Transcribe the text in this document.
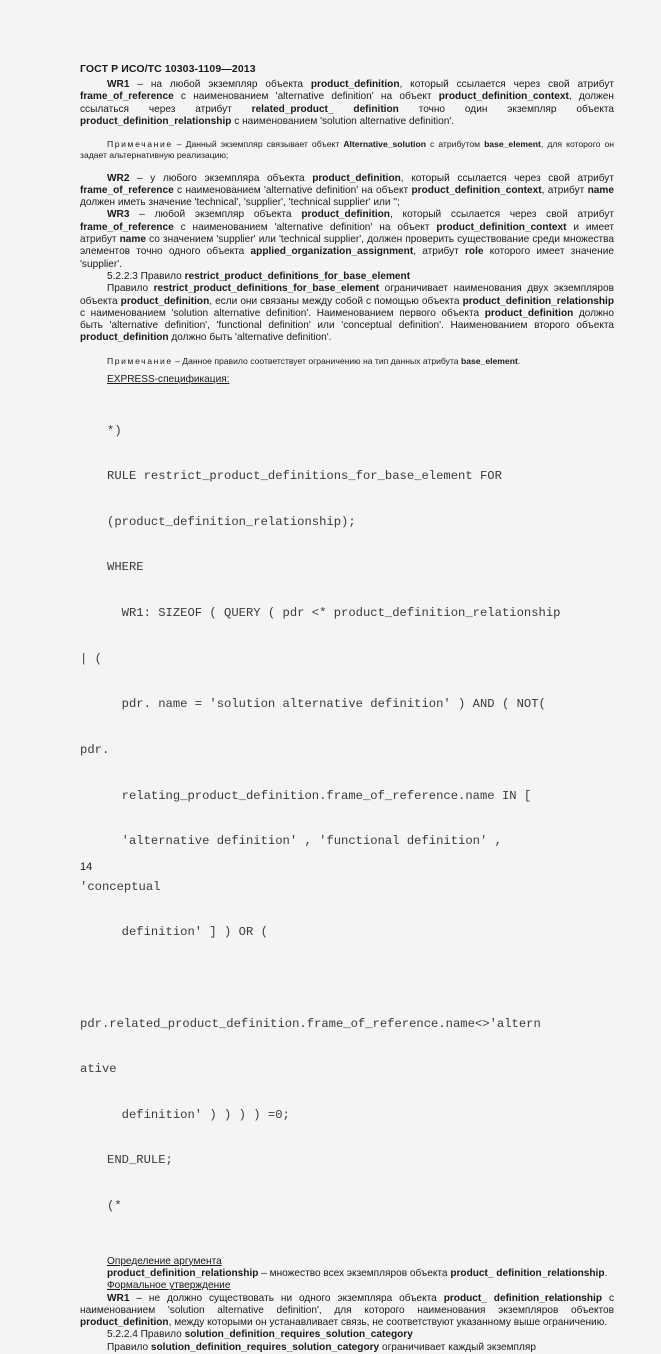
ГОСТ Р ИСО/ТС 10303-1109—2013

WR1 – на любой экземпляр объекта product_definition, который ссылается через свой атрибут frame_of_reference с наименованием 'alternative definition' на объект product_definition_context, должен ссылаться через атрибут related_product_ definition точно один экземпляр объекта product_definition_relationship с наименованием 'solution alternative definition'.

Примечание – Данный экземпляр связывает объект Alternative_solution с атрибутом base_element, для которого он задает альтернативную реализацию;

WR2 – у любого экземпляра объекта product_definition, который ссылается через свой атрибут frame_of_reference с наименованием 'alternative definition' на объект product_definition_context, атрибут name должен иметь значение 'technical', 'supplier', 'technical supplier' или '';

WR3 – любой экземпляр объекта product_definition, который ссылается через свой атрибут frame_of_reference с наименованием 'alternative definition' на объект product_definition_context и имеет атрибут name со значением 'supplier' или 'technical supplier', должен проверить существование среди множества элементов точно одного объекта applied_organization_assignment, атрибут role которого имеет значение 'supplier'.

5.2.2.3 Правило restrict_product_definitions_for_base_element

Правило restrict_product_definitions_for_base_element ограничивает наименования двух экземпляров объекта product_definition, если они связаны между собой с помощью объекта product_definition_relationship с наименованием 'solution alternative definition'. Наименованием первого объекта product_definition должно быть 'alternative definition', 'functional definition' или 'conceptual definition'. Наименованием второго объекта product_definition должно быть 'alternative definition'.

Примечание – Данное правило соответствует ограничению на тип данных атрибута base_element.

EXPRESS-спецификация:

*)

RULE restrict_product_definitions_for_base_element FOR

(product_definition_relationship);

WHERE

WR1: SIZEOF ( QUERY ( pdr <* product_definition_relationship

| (

pdr. name = 'solution alternative definition' ) AND ( NOT(

pdr.

relating_product_definition.frame_of_reference.name IN [

'alternative definition' , 'functional definition' ,

'conceptual

definition' ] ) OR (

pdr.related_product_definition.frame_of_reference.name<>'altern

ative

definition' ) ) ) ) =0;

END_RULE;

(*

Определение аргумента

product_definition_relationship – множество всех экземпляров объекта product_ definition_relationship.

Формальное утверждение

WR1 – не должно существовать ни одного экземпляра объекта product_ definition_relationship с наименованием 'solution alternative definition', для которого наименования экземпляров объектов product_definition, между которыми он устанавливает связь, не соответствуют указанному выше ограничению.

5.2.2.4 Правило solution_definition_requires_solution_category

Правило solution_definition_requires_solution_category ограничивает каждый экземпляр

14
